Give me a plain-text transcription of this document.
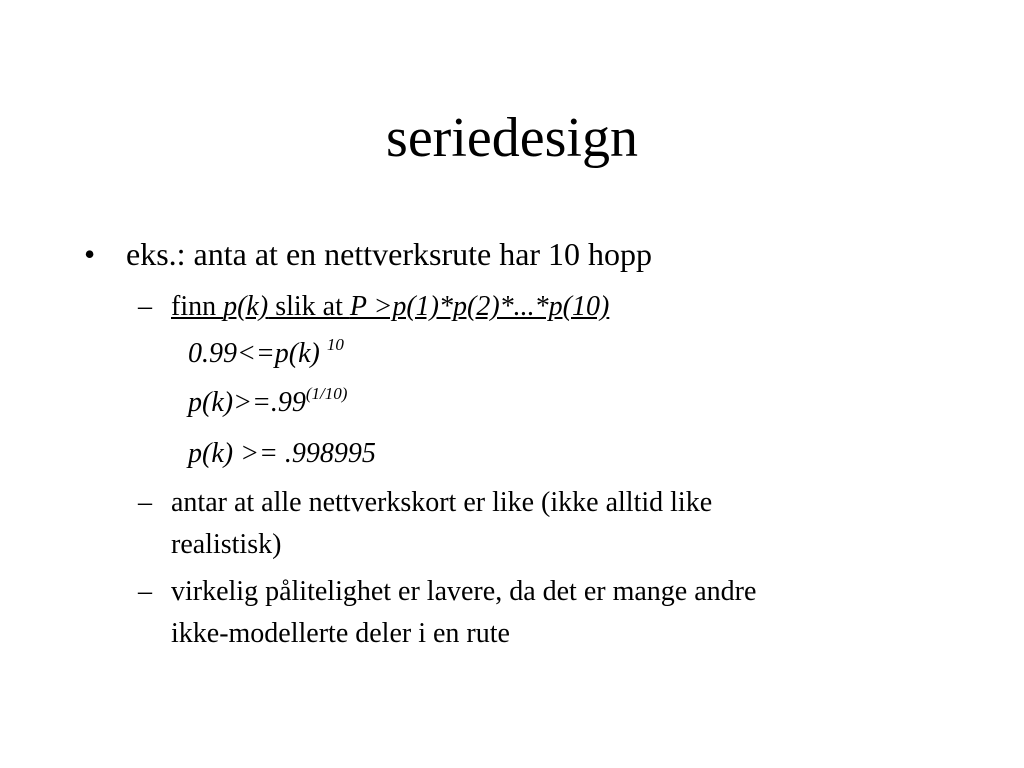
seriedesign
• eks.: anta at en nettverksrute har 10 hopp
– finn p(k) slik at P >p(1)*p(2)*...*p(10)
0.99<=p(k) $^{10}$
$p(k)>=.99^{(1/10)}$
p(k) >= .998995
– antar at alle nettverkskort er like (ikke alltid like
realistisk)
– virkelig pålitelighet er lavere, da det er mange andre
ikke-modellerte deler i en rute
